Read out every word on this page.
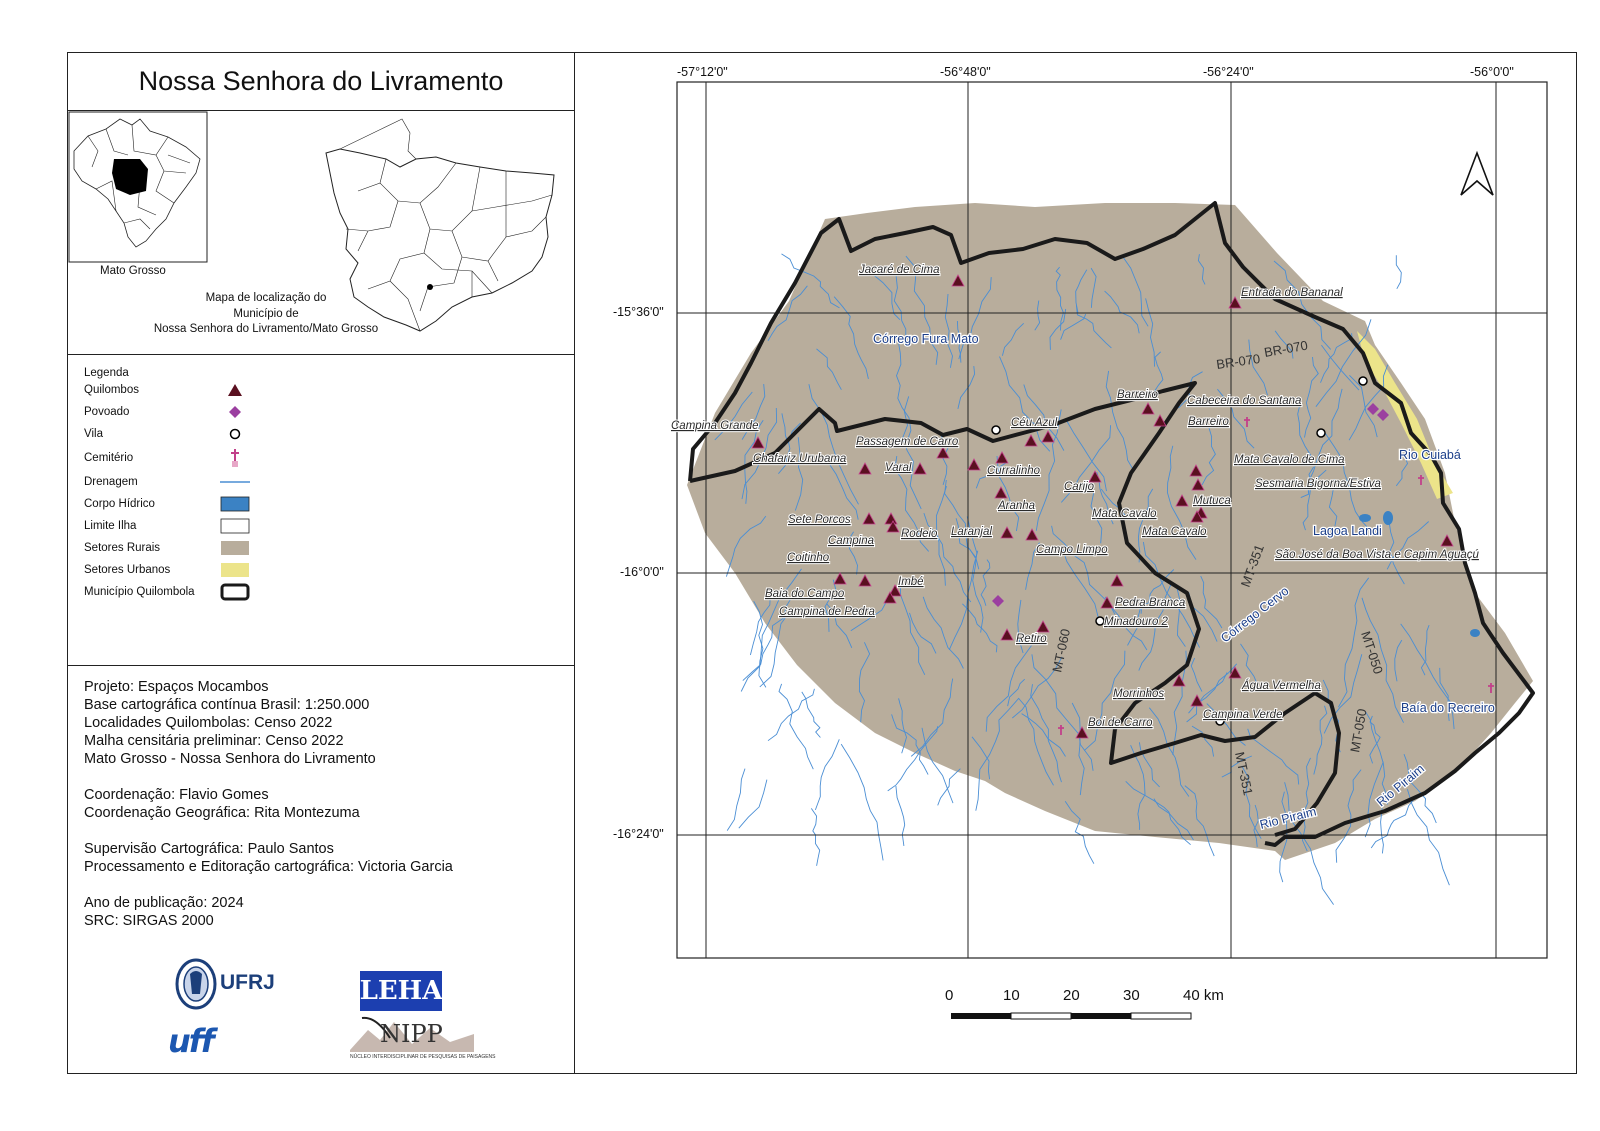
Nossa Senhora do Livramento
Mato Grosso
Mapa de localização do
Município de
Nossa Senhora do Livramento/Mato Grosso
Legenda
Quilombos
Povoado
Vila
Cemitério
Drenagem
Corpo Hídrico
Limite Ilha
Setores Rurais
Setores Urbanos
Município Quilombola
Projeto: Espaços Mocambos
Base cartográfica contínua Brasil: 1:250.000
Localidades Quilombolas: Censo 2022
Malha censitária preliminar: Censo 2022
Mato Grosso - Nossa Senhora do Livramento
Coordenação: Flavio Gomes
Coordenação Geográfica: Rita Montezuma
Supervisão Cartográfica: Paulo Santos
Processamento e Editoração cartográfica: Victoria Garcia
Ano de publicação: 2024
SRC: SIRGAS 2000
UFRJ	LEHA
uff	NIPP
NÚCLEO INTERDISCIPLINAR DE PESQUISAS DE PAISAGENS
-57°12'0"	-56°48'0"	-56°24'0"	-56°0'0"
-15°36'0"
-16°0'0"
-16°24'0"
Jacaré de Cima
Entrada do Bananal
Barreiro	Cabeceira do Santana
Céu Azul	Barreiro
Campina Grande
Passagem de Carro
Chafariz Urubama
Varal	Curralinho
Carijo
Mata Cavalo de Cima
Sesmaria Bigorna/Estiva
Aranha	Mutuca
Sete Porcos	Mata Cavalo
Rodeio Laranjal	Mata Cavalo
Campina
Campo Limpo	São José da Boa Vista e Capim Aguaçú
Coitinho
Imbé
Baia do Campo
Pedra Branca
Campina de Pedra
Minadouro 2
Retiro
Água Vermelha
Morrinhos
Campina Verde
Boi de Carro
Córrego Fura Mato
Rio Cuiabá
Lagoa Landi
Córrego Cervo
Baía do Recreiro
Rio Piraim
Rio Piraim
BR-070
BR-070
MT-351
MT-050
MT-060
MT-050
MT-351
0	10	20	30	40 km
